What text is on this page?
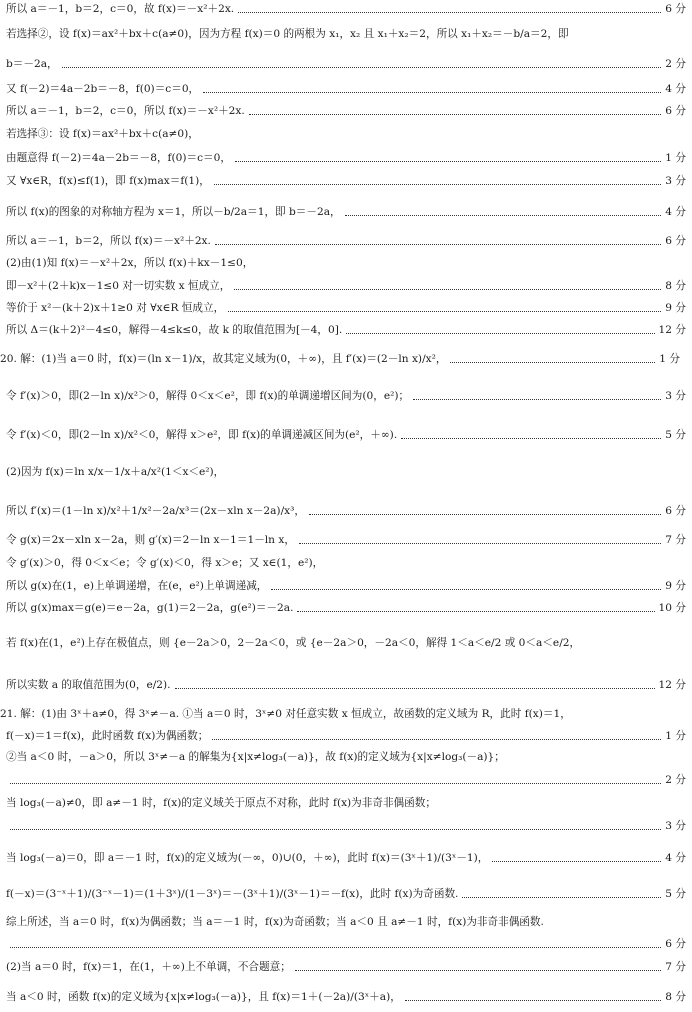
所以 a＝－1，b＝2，c＝0，故 f(x)＝－x²＋2x.	6 分
若选择②，设 f(x)＝ax²＋bx＋c(a≠0)，因为方程 f(x)＝0 的两根为 x₁，x₂ 且 x₁＋x₂＝2，所以 x₁＋x₂＝－b/a＝2，即
b＝－2a，	2 分
又 f(－2)＝4a－2b＝－8，f(0)＝c＝0，	4 分
所以 a＝－1，b＝2，c＝0，所以 f(x)＝－x²＋2x.	6 分
若选择③：设 f(x)＝ax²＋bx＋c(a≠0)，
由题意得 f(－2)＝4a－2b＝－8，f(0)＝c＝0，	1 分
又 ∀x∈R，f(x)≤f(1)，即 f(x)max＝f(1)，	3 分
所以 f(x)的图象的对称轴方程为 x＝1，所以－b/2a＝1，即 b＝－2a，	4 分
所以 a＝－1，b＝2，所以 f(x)＝－x²＋2x.	6 分
(2)由(1)知 f(x)＝－x²＋2x，所以 f(x)＋kx－1≤0，
即－x²＋(2＋k)x－1≤0 对一切实数 x 恒成立，	8 分
等价于 x²－(k＋2)x＋1≥0 对 ∀x∈R 恒成立，	9 分
所以 Δ＝(k＋2)²－4≤0，解得－4≤k≤0，故 k 的取值范围为[－4，0].	12 分
20. 解：(1)当 a＝0 时，f(x)＝(ln x－1)/x，故其定义域为(0，＋∞)，且 f′(x)＝(2－ln x)/x²，	1 分
令 f′(x)＞0，即(2－ln x)/x²＞0，解得 0＜x＜e²，即 f(x)的单调递增区间为(0，e²)；	3 分
令 f′(x)＜0，即(2－ln x)/x²＜0，解得 x＞e²，即 f(x)的单调递减区间为(e²，＋∞).	5 分
(2)因为 f(x)＝ln x/x－1/x＋a/x²(1＜x＜e²)，
所以 f′(x)＝(1－ln x)/x²＋1/x²－2a/x³＝(2x－xln x－2a)/x³，	6 分
令 g(x)＝2x－xln x－2a，则 g′(x)＝2－ln x－1＝1－ln x，	7 分
令 g′(x)＞0，得 0＜x＜e；令 g′(x)＜0，得 x＞e；又 x∈(1，e²)，
所以 g(x)在(1，e)上单调递增，在(e，e²)上单调递减，	9 分
所以 g(x)max＝g(e)＝e－2a，g(1)＝2－2a，g(e²)＝－2a.	10 分
若 f(x)在(1，e²)上存在极值点，则 {e－2a＞0，2－2a＜0，或 {e－2a＞0，－2a＜0，解得 1＜a＜e/2 或 0＜a＜e/2，
所以实数 a 的取值范围为(0，e/2).	12 分
21. 解：(1)由 3ˣ＋a≠0，得 3ˣ≠－a. ①当 a＝0 时，3ˣ≠0 对任意实数 x 恒成立，故函数的定义域为 R，此时 f(x)＝1，
f(－x)＝1＝f(x)，此时函数 f(x)为偶函数；	1 分
②当 a＜0 时，－a＞0，所以 3ˣ≠－a 的解集为{x|x≠log₃(－a)}，故 f(x)的定义域为{x|x≠log₃(－a)}；
2 分
当 log₃(－a)≠0，即 a≠－1 时，f(x)的定义域关于原点不对称，此时 f(x)为非奇非偶函数；
3 分
当 log₃(－a)＝0，即 a＝－1 时，f(x)的定义域为(－∞，0)∪(0，＋∞)，此时 f(x)＝(3ˣ＋1)/(3ˣ－1)，	4 分
f(－x)＝(3⁻ˣ＋1)/(3⁻ˣ－1)＝(1＋3ˣ)/(1－3ˣ)＝－(3ˣ＋1)/(3ˣ－1)＝－f(x)，此时 f(x)为奇函数.	5 分
综上所述，当 a＝0 时，f(x)为偶函数；当 a＝－1 时，f(x)为奇函数；当 a＜0 且 a≠－1 时，f(x)为非奇非偶函数.
6 分
(2)当 a＝0 时，f(x)＝1，在(1，＋∞)上不单调，不合题意；	7 分
当 a＜0 时，函数 f(x)的定义域为{x|x≠log₃(－a)}，且 f(x)＝1＋(－2a)/(3ˣ＋a)，	8 分
